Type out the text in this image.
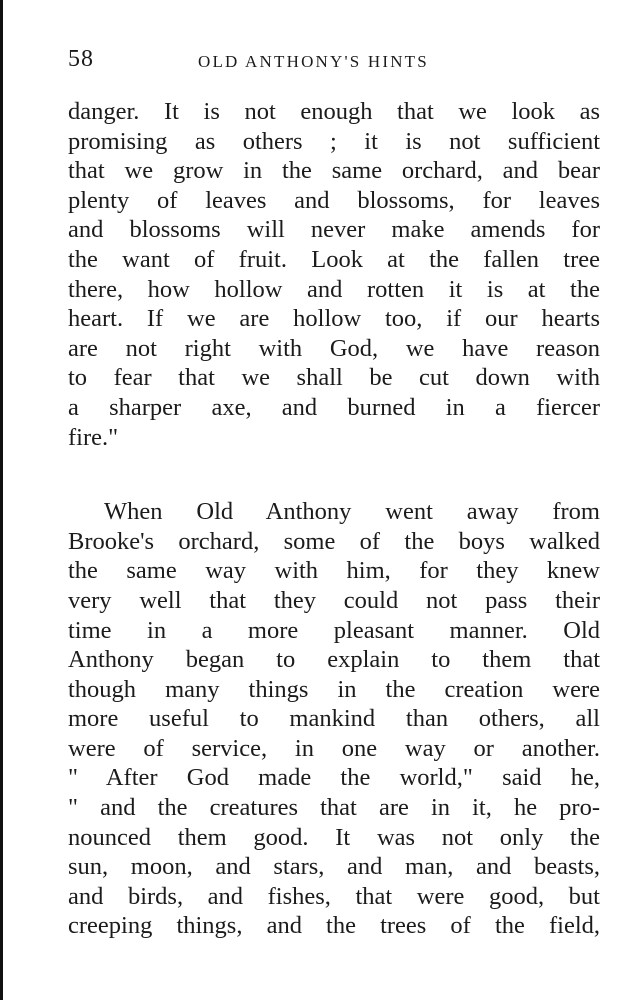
58	OLD ANTHONY'S HINTS
danger. It is not enough that we look as
promising as others ; it is not sufficient
that we grow in the same orchard, and bear
plenty of leaves and blossoms, for leaves
and blossoms will never make amends for
the want of fruit. Look at the fallen tree
there, how hollow and rotten it is at the
heart. If we are hollow too, if our hearts
are not right with God, we have reason
to fear that we shall be cut down with
a sharper axe, and burned in a fiercer
fire."
When Old Anthony went away from
Brooke's orchard, some of the boys walked
the same way with him, for they knew
very well that they could not pass their
time in a more pleasant manner. Old
Anthony began to explain to them that
though many things in the creation were
more useful to mankind than others, all
were of service, in one way or another.
" After God made the world," said he,
" and the creatures that are in it, he pro-
nounced them good. It was not only the
sun, moon, and stars, and man, and beasts,
and birds, and fishes, that were good, but
creeping things, and the trees of the field,
